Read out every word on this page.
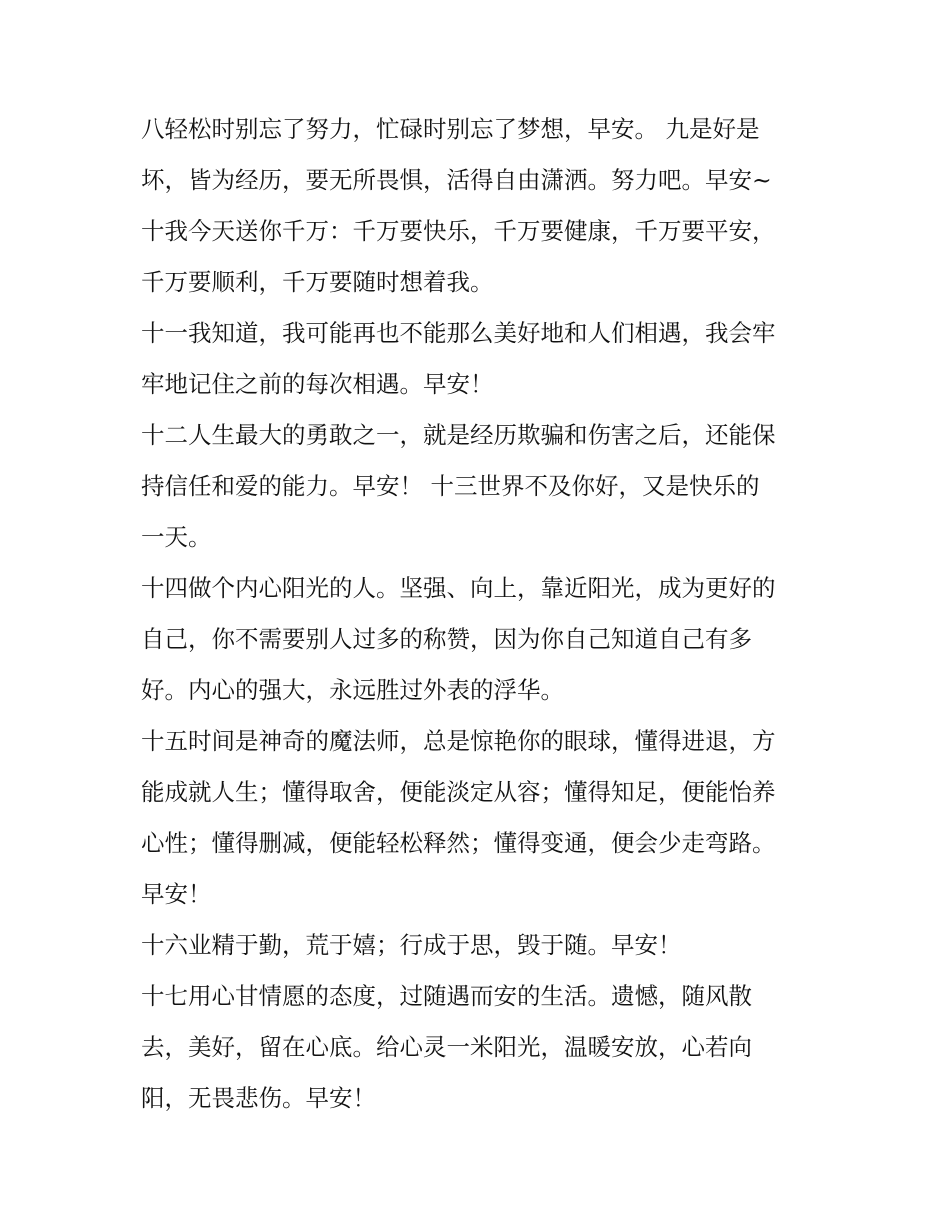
八轻松时别忘了努力，忙碌时别忘了梦想，早安。 九是好是
坏，皆为经历，要无所畏惧，活得自由潇洒。努力吧。早安~
十我今天送你千万：千万要快乐，千万要健康，千万要平安，
千万要顺利，千万要随时想着我。
十一我知道，我可能再也不能那么美好地和人们相遇，我会牢
牢地记住之前的每次相遇。早安！
十二人生最大的勇敢之一，就是经历欺骗和伤害之后，还能保
持信任和爱的能力。早安！ 十三世界不及你好，又是快乐的
一天。
十四做个内心阳光的人。坚强、向上，靠近阳光，成为更好的
自己，你不需要别人过多的称赞，因为你自己知道自己有多
好。内心的强大，永远胜过外表的浮华。
十五时间是神奇的魔法师，总是惊艳你的眼球，懂得进退，方
能成就人生；懂得取舍，便能淡定从容；懂得知足，便能怡养
心性；懂得删减，便能轻松释然；懂得变通，便会少走弯路。
早安！
十六业精于勤，荒于嬉；行成于思，毁于随。早安！
十七用心甘情愿的态度，过随遇而安的生活。遗憾，随风散
去，美好，留在心底。给心灵一米阳光，温暖安放，心若向
阳，无畏悲伤。早安！
